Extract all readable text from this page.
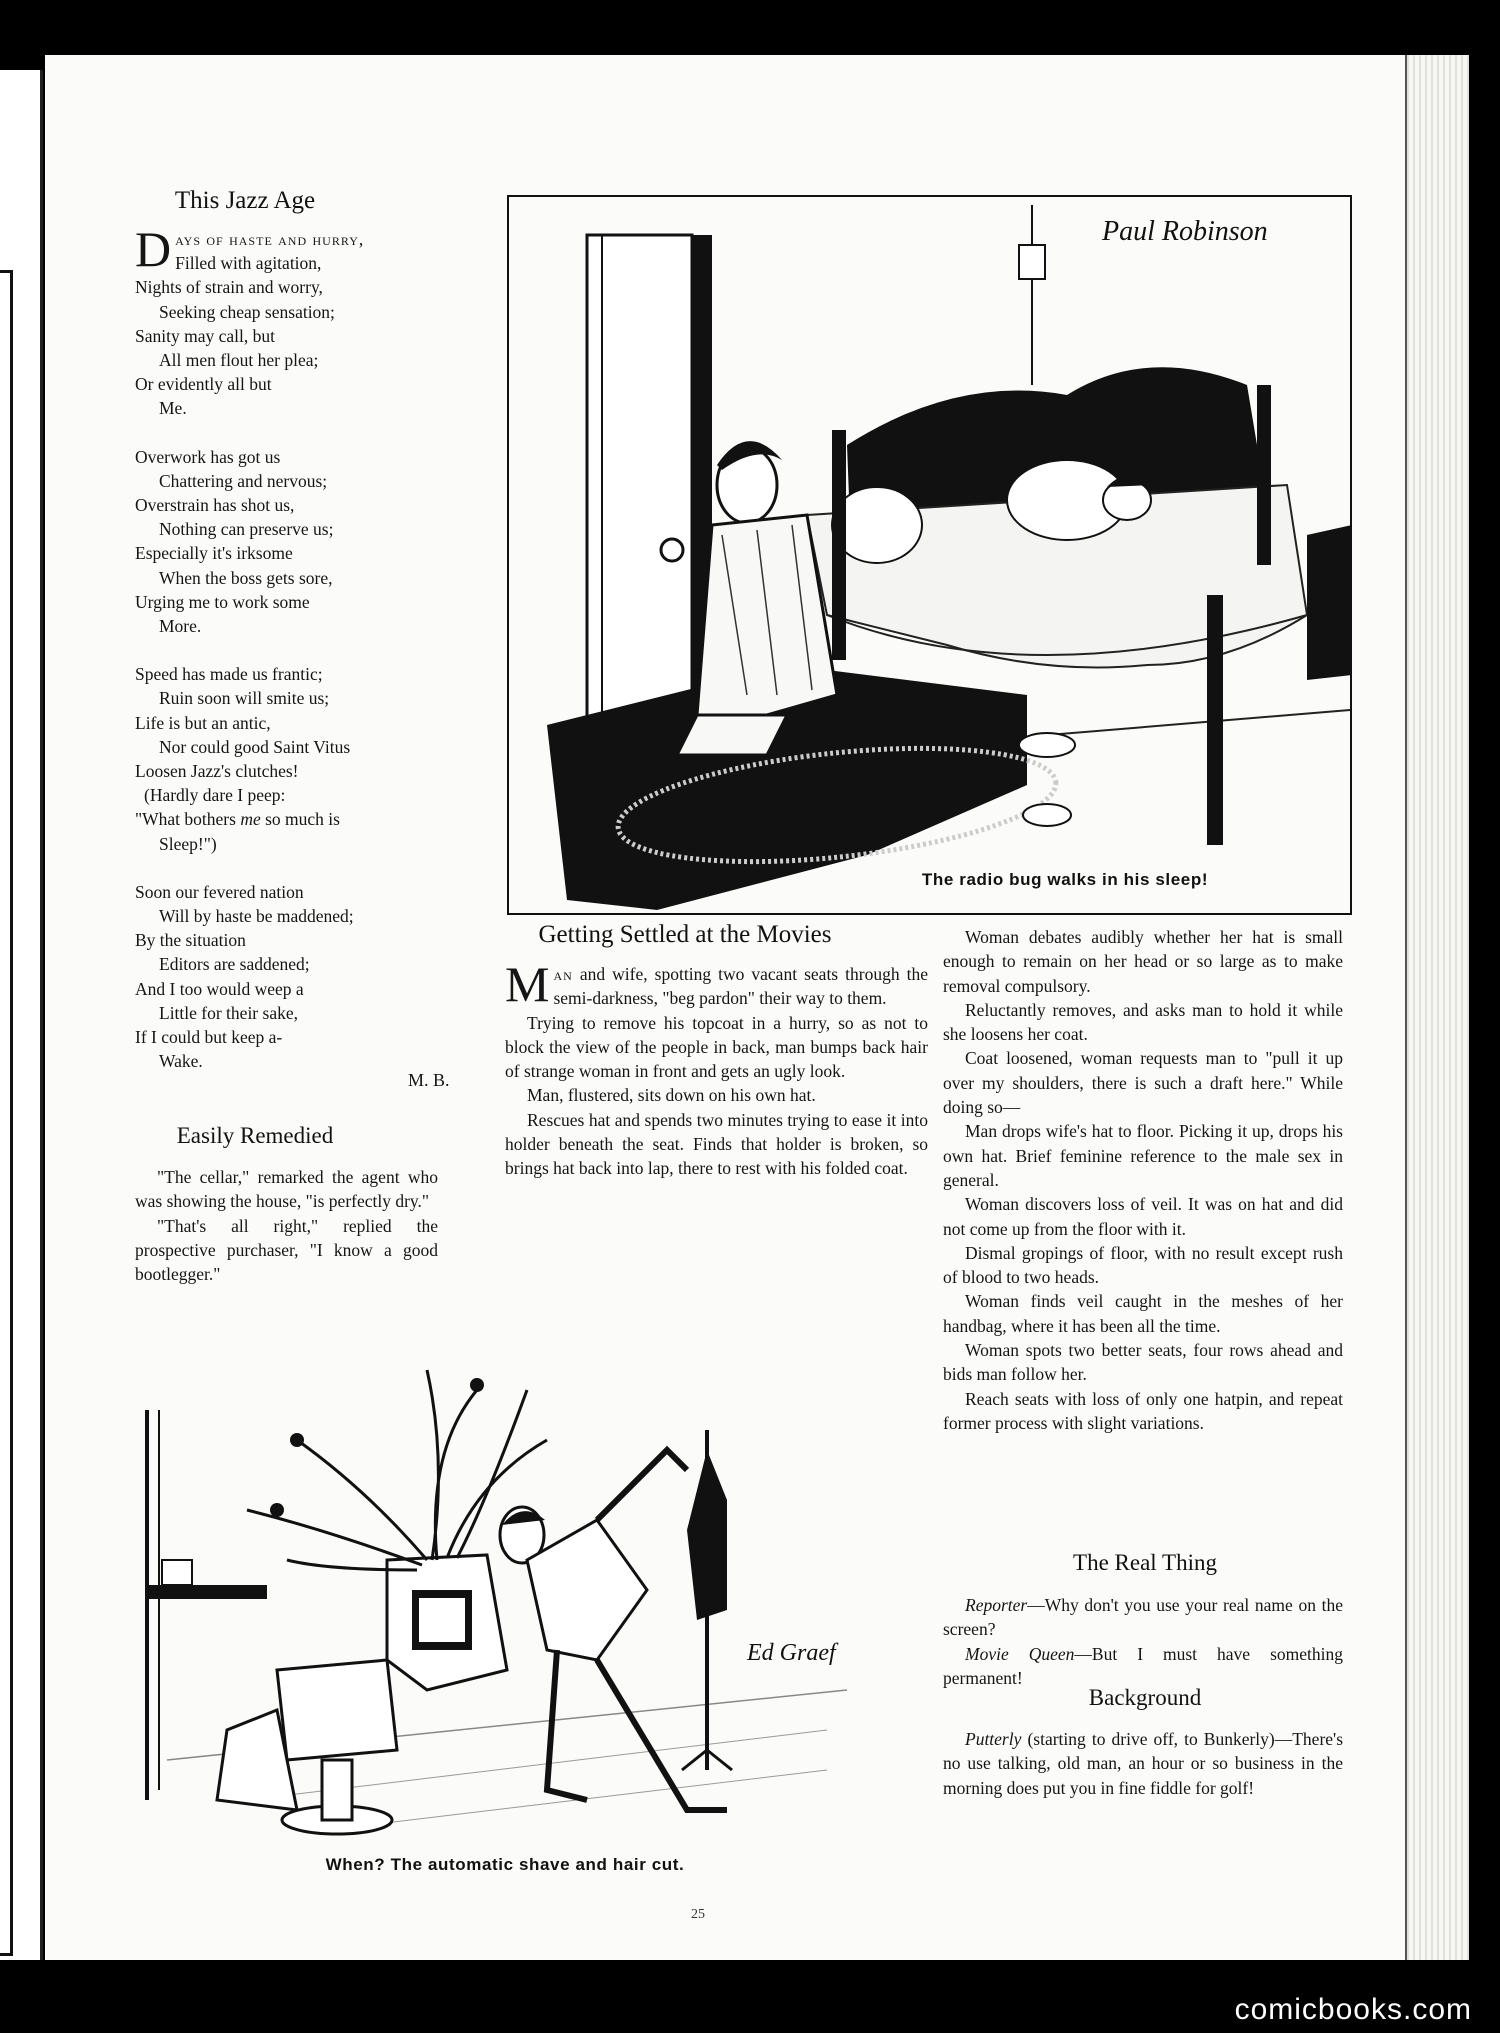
This Jazz Age
Days of haste and hurry,
Filled with agitation,
Nights of strain and worry,
Seeking cheap sensation;
Sanity may call, but
All men flout her plea;
Or evidently all but
Me.
Overwork has got us
Chattering and nervous;
Overstrain has shot us,
Nothing can preserve us;
Especially it's irksome
When the boss gets sore,
Urging me to work some
More.
Speed has made us frantic;
Ruin soon will smite us;
Life is but an antic,
Nor could good Saint Vitus
Loosen Jazz's clutches!
(Hardly dare I peep:
"What bothers me so much is
Sleep!")
Soon our fevered nation
Will by haste be maddened;
By the situation
Editors are saddened;
And I too would weep a
Little for their sake,
If I could but keep a-
Wake.
M. B.
Easily Remedied

"The cellar," remarked the agent who was showing the house, "is perfectly dry."

"That's all right," replied the prospective purchaser, "I know a good bootlegger."

Paul Robinson

The radio bug walks in his sleep!

Getting Settled at the Movies

Man and wife, spotting two vacant seats through the semi-darkness, "beg pardon" their way to them.

Trying to remove his topcoat in a hurry, so as not to block the view of the people in back, man bumps back hair of strange woman in front and gets an ugly look.

Man, flustered, sits down on his own hat.

Rescues hat and spends two minutes trying to ease it into holder beneath the seat. Finds that holder is broken, so brings hat back into lap, there to rest with his folded coat.

Woman debates audibly whether her hat is small enough to remain on her head or so large as to make removal compulsory.

Reluctantly removes, and asks man to hold it while she loosens her coat.

Coat loosened, woman requests man to "pull it up over my shoulders, there is such a draft here." While doing so—

Man drops wife's hat to floor. Picking it up, drops his own hat. Brief feminine reference to the male sex in general.

Woman discovers loss of veil. It was on hat and did not come up from the floor with it.

Dismal gropings of floor, with no result except rush of blood to two heads.

Woman finds veil caught in the meshes of her handbag, where it has been all the time.

Woman spots two better seats, four rows ahead and bids man follow her.

Reach seats with loss of only one hatpin, and repeat former process with slight variations.

The Real Thing

Reporter—Why don't you use your real name on the screen?

Movie Queen—But I must have something permanent!

Background

Putterly (starting to drive off, to Bunkerly)—There's no use talking, old man, an hour or so business in the morning does put you in fine fiddle for golf!

Ed Graef

When? The automatic shave and hair cut.

25
comicbooks.com
